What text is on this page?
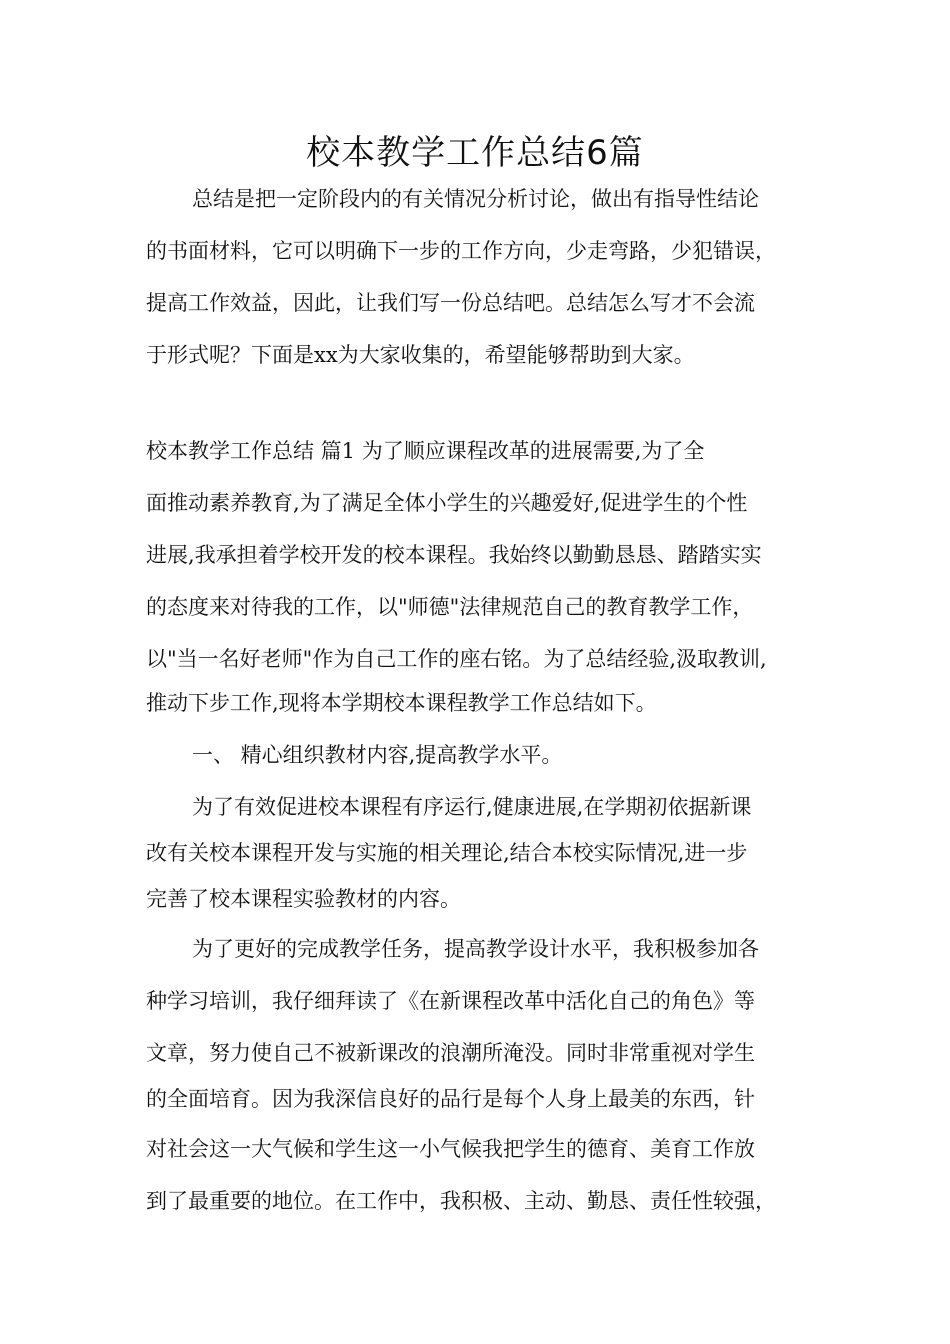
校本教学工作总结6篇
总结是把一定阶段内的有关情况分析讨论，做出有指导性结论
的书面材料，它可以明确下一步的工作方向，少走弯路，少犯错误，
提高工作效益，因此，让我们写一份总结吧。总结怎么写才不会流
于形式呢？下面是xx为大家收集的，希望能够帮助到大家。
校本教学工作总结 篇1 为了顺应课程改革的进展需要,为了全
面推动素养教育,为了满足全体小学生的兴趣爱好,促进学生的个性
进展,我承担着学校开发的校本课程。我始终以勤勤恳恳、踏踏实实
的态度来对待我的工作，以"师德"法律规范自己的教育教学工作，
以"当一名好老师"作为自己工作的座右铭。为了总结经验,汲取教训,
推动下步工作,现将本学期校本课程教学工作总结如下。
一、 精心组织教材内容,提高教学水平。
为了有效促进校本课程有序运行,健康进展,在学期初依据新课
改有关校本课程开发与实施的相关理论,结合本校实际情况,进一步
完善了校本课程实验教材的内容。
为了更好的完成教学任务，提高教学设计水平，我积极参加各
种学习培训，我仔细拜读了《在新课程改革中活化自己的角色》等
文章，努力使自己不被新课改的浪潮所淹没。同时非常重视对学生
的全面培育。因为我深信良好的品行是每个人身上最美的东西，针
对社会这一大气候和学生这一小气候我把学生的德育、美育工作放
到了最重要的地位。在工作中，我积极、主动、勤恳、责任性较强，
